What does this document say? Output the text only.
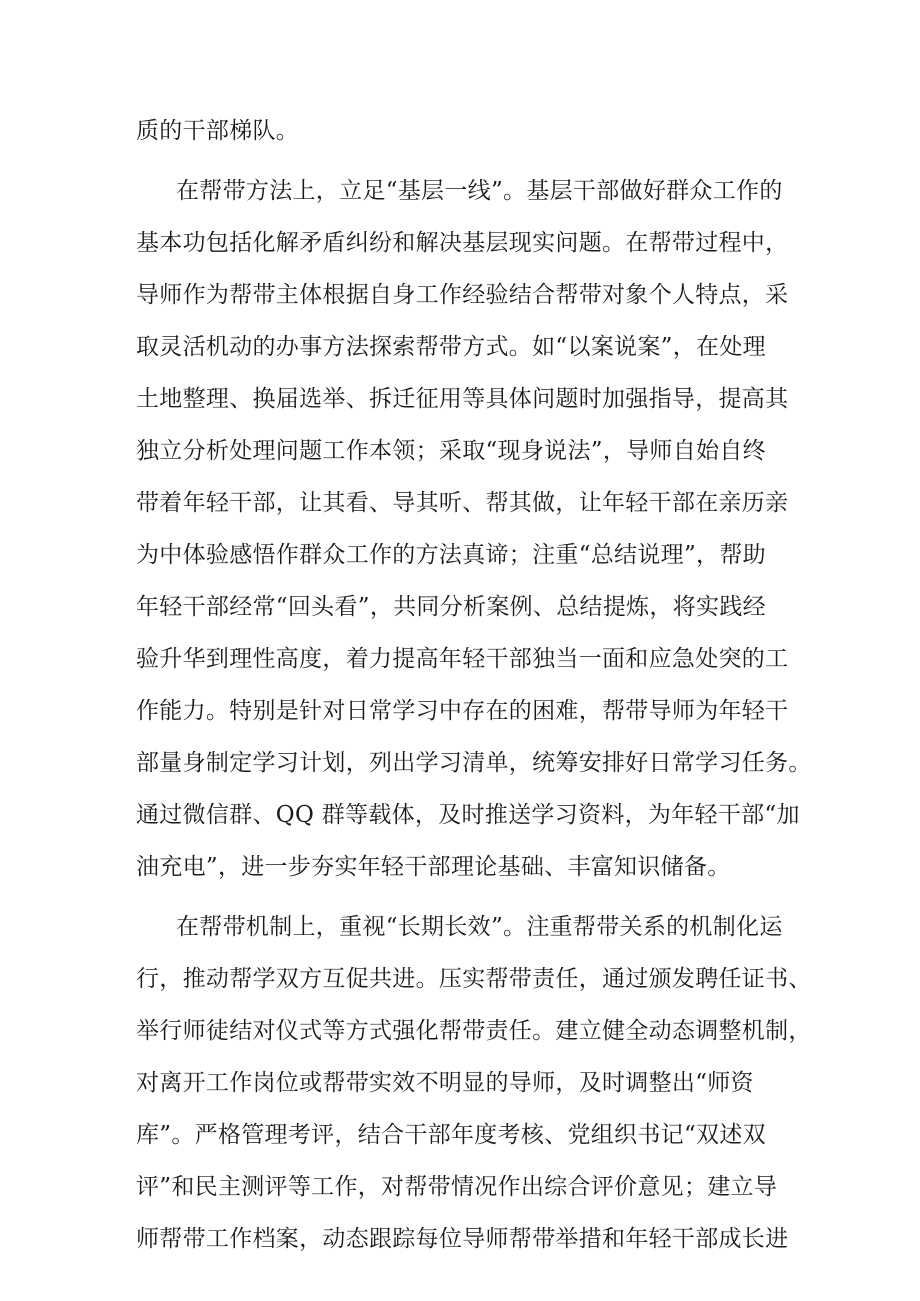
质的干部梯队。
在帮带方法上，立足“基层一线”。基层干部做好群众工作的
基本功包括化解矛盾纠纷和解决基层现实问题。在帮带过程中，
导师作为帮带主体根据自身工作经验结合帮带对象个人特点，采
取灵活机动的办事方法探索帮带方式。如“以案说案”，在处理
土地整理、换届选举、拆迁征用等具体问题时加强指导，提高其
独立分析处理问题工作本领；采取“现身说法”，导师自始自终
带着年轻干部，让其看、导其听、帮其做，让年轻干部在亲历亲
为中体验感悟作群众工作的方法真谛；注重“总结说理”，帮助
年轻干部经常“回头看”，共同分析案例、总结提炼，将实践经
验升华到理性高度，着力提高年轻干部独当一面和应急处突的工
作能力。特别是针对日常学习中存在的困难，帮带导师为年轻干
部量身制定学习计划，列出学习清单，统筹安排好日常学习任务。
通过微信群、QQ 群等载体，及时推送学习资料，为年轻干部“加
油充电”，进一步夯实年轻干部理论基础、丰富知识储备。
在帮带机制上，重视“长期长效”。注重帮带关系的机制化运
行，推动帮学双方互促共进。压实帮带责任，通过颁发聘任证书、
举行师徒结对仪式等方式强化帮带责任。建立健全动态调整机制，
对离开工作岗位或帮带实效不明显的导师，及时调整出“师资
库”。严格管理考评，结合干部年度考核、党组织书记“双述双
评”和民主测评等工作，对帮带情况作出综合评价意见；建立导
师帮带工作档案，动态跟踪每位导师帮带举措和年轻干部成长进
